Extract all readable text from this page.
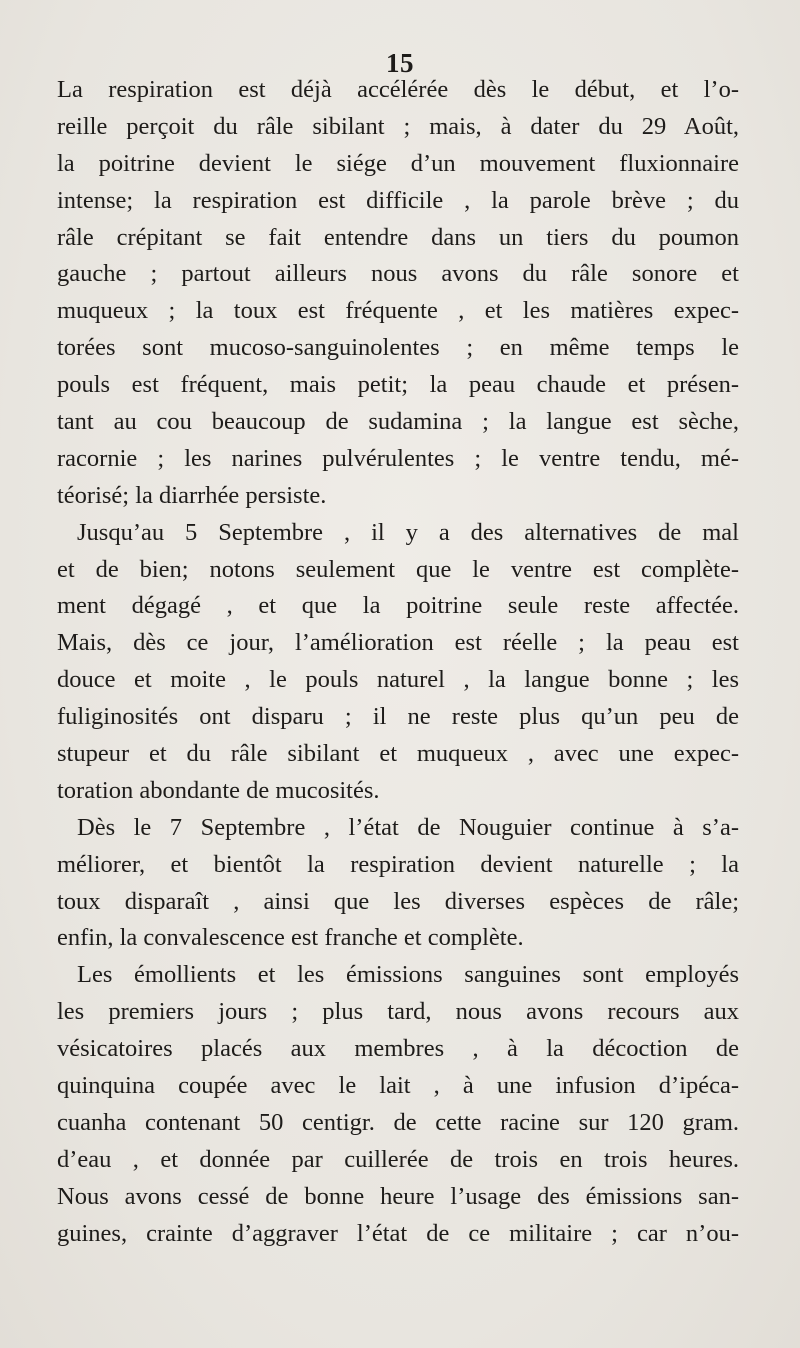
15
La respiration est déjà accélérée dès le début, et l’o-
reille perçoit du râle sibilant ; mais, à dater du 29 Août,
la poitrine devient le siége d’un mouvement fluxionnaire
intense; la respiration est difficile , la parole brève ; du
râle crépitant se fait entendre dans un tiers du poumon
gauche ; partout ailleurs nous avons du râle sonore et
muqueux ; la toux est fréquente , et les matières expec-
torées sont mucoso-sanguinolentes ; en même temps le
pouls est fréquent, mais petit; la peau chaude et présen-
tant au cou beaucoup de sudamina ; la langue est sèche,
racornie ; les narines pulvérulentes ; le ventre tendu, mé-
téorisé; la diarrhée persiste.
Jusqu’au 5 Septembre , il y a des alternatives de mal
et de bien; notons seulement que le ventre est complète-
ment dégagé , et que la poitrine seule reste affectée.
Mais, dès ce jour, l’amélioration est réelle ; la peau est
douce et moite , le pouls naturel , la langue bonne ; les
fuliginosités ont disparu ; il ne reste plus qu’un peu de
stupeur et du râle sibilant et muqueux , avec une expec-
toration abondante de mucosités.
Dès le 7 Septembre , l’état de Nouguier continue à s’a-
méliorer, et bientôt la respiration devient naturelle ; la
toux disparaît , ainsi que les diverses espèces de râle;
enfin, la convalescence est franche et complète.
Les émollients et les émissions sanguines sont employés
les premiers jours ; plus tard, nous avons recours aux
vésicatoires placés aux membres , à la décoction de
quinquina coupée avec le lait , à une infusion d’ipéca-
cuanha contenant 50 centigr. de cette racine sur 120 gram.
d’eau , et donnée par cuillerée de trois en trois heures.
Nous avons cessé de bonne heure l’usage des émissions san-
guines, crainte d’aggraver l’état de ce militaire ; car n’ou-
